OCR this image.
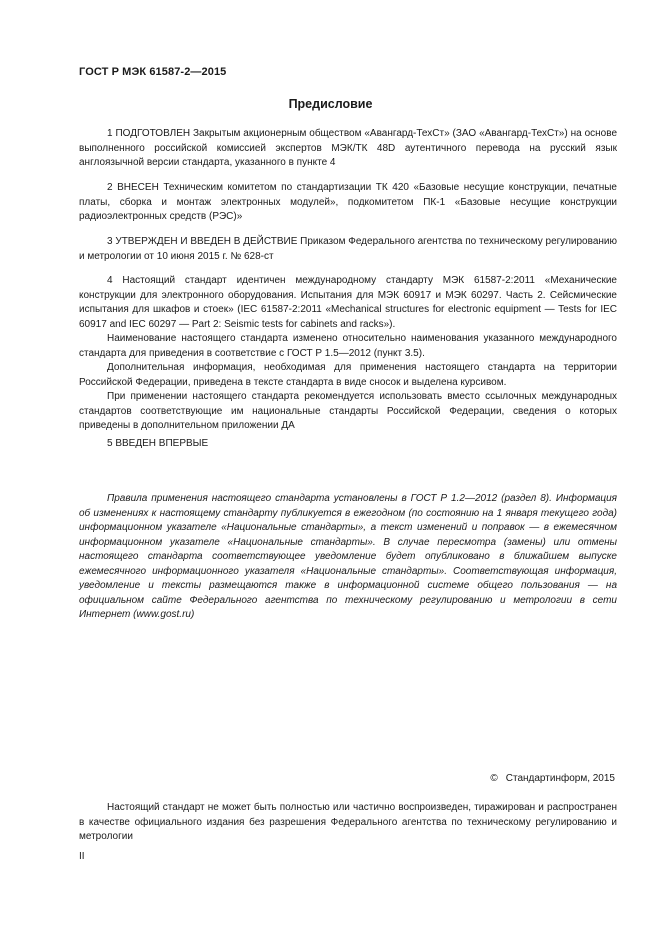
ГОСТ Р МЭК 61587-2—2015
Предисловие

1 ПОДГОТОВЛЕН Закрытым акционерным обществом «Авангард-ТехСт» (ЗАО «Авангард-ТехСт») на основе выполненного российской комиссией экспертов МЭК/ТК 48D аутентичного перевода на русский язык англоязычной версии стандарта, указанного в пункте 4

2 ВНЕСЕН Техническим комитетом по стандартизации ТК 420 «Базовые несущие конструкции, печатные платы, сборка и монтаж электронных модулей», подкомитетом ПК-1 «Базовые несущие конструкции радиоэлектронных средств (РЭС)»

3 УТВЕРЖДЕН И ВВЕДЕН В ДЕЙСТВИЕ Приказом Федерального агентства по техническому регулированию и метрологии от 10 июня 2015 г. № 628-ст

4 Настоящий стандарт идентичен международному стандарту МЭК 61587-2:2011 «Механические конструкции для электронного оборудования. Испытания для МЭК 60917 и МЭК 60297. Часть 2. Сейсмические испытания для шкафов и стоек» (IEC 61587-2:2011 «Mechanical structures for electronic equipment — Tests for IEC 60917 and IEC 60297 — Part 2: Seismic tests for cabinets and racks»).

Наименование настоящего стандарта изменено относительно наименования указанного международного стандарта для приведения в соответствие с ГОСТ Р 1.5—2012 (пункт 3.5).

Дополнительная информация, необходимая для применения настоящего стандарта на территории Российской Федерации, приведена в тексте стандарта в виде сносок и выделена курсивом.

При применении настоящего стандарта рекомендуется использовать вместо ссылочных международных стандартов соответствующие им национальные стандарты Российской Федерации, сведения о которых приведены в дополнительном приложении ДА

5 ВВЕДЕН ВПЕРВЫЕ

Правила применения настоящего стандарта установлены в ГОСТ Р 1.2—2012 (раздел 8). Информация об изменениях к настоящему стандарту публикуется в ежегодном (по состоянию на 1 января текущего года) информационном указателе «Национальные стандарты», а текст изменений и поправок — в ежемесячном информационном указателе «Национальные стандарты». В случае пересмотра (замены) или отмены настоящего стандарта соответствующее уведомление будет опубликовано в ближайшем выпуске ежемесячного информационного указателя «Национальные стандарты». Соответствующая информация, уведомление и тексты размещаются также в информационной системе общего пользования — на официальном сайте Федерального агентства по техническому регулированию и метрологии в сети Интернет (www.gost.ru)

© Стандартинформ, 2015

Настоящий стандарт не может быть полностью или частично воспроизведен, тиражирован и распространен в качестве официального издания без разрешения Федерального агентства по техническому регулированию и метрологии

II
